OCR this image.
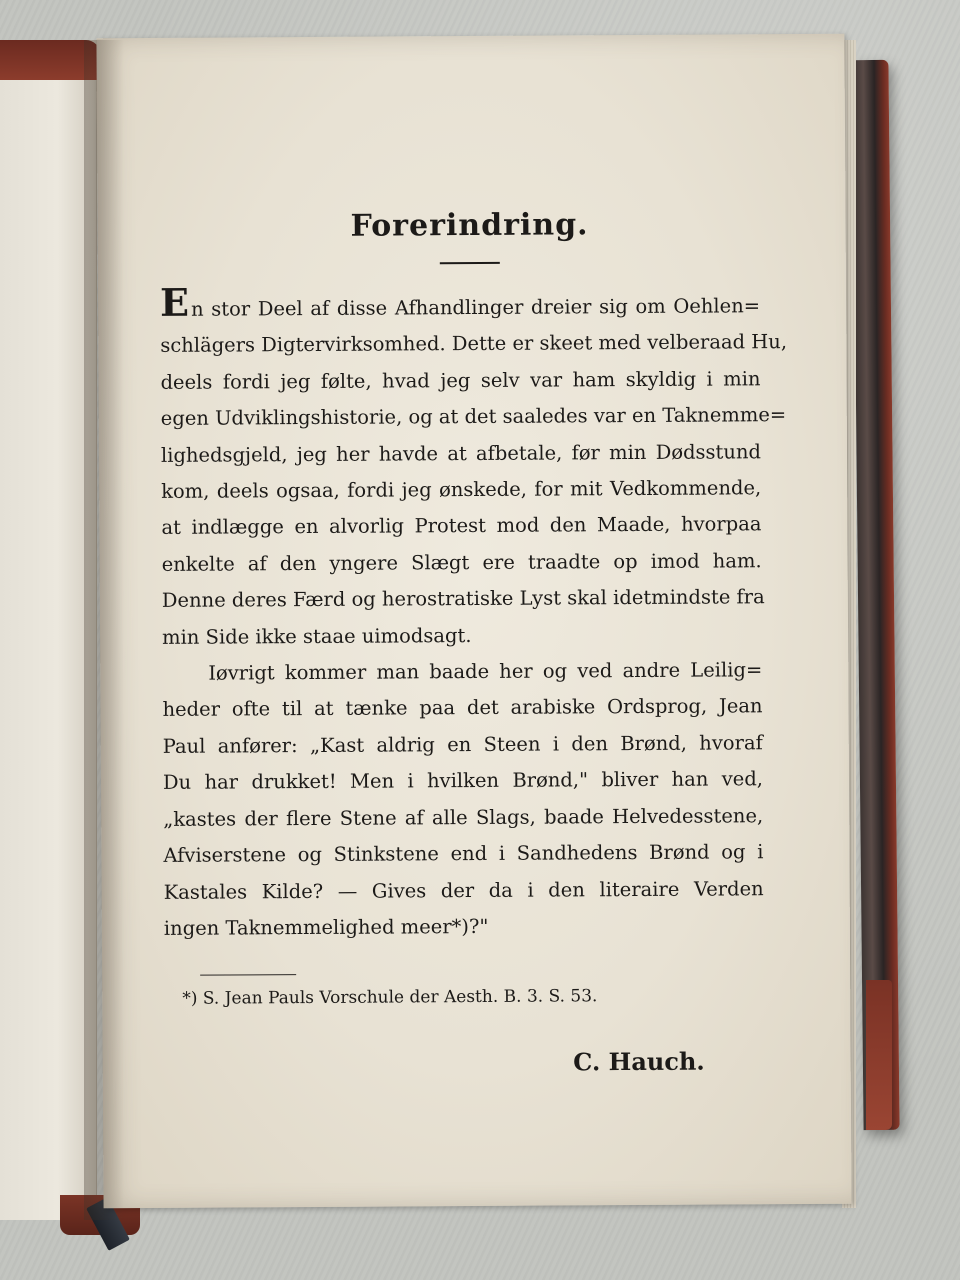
Forerindring.
En stor Deel af disse Afhandlinger dreier sig om Oehlen=
schlägers Digtervirksomhed. Dette er skeet med velberaad Hu,
deels fordi jeg følte, hvad jeg selv var ham skyldig i min
egen Udviklingshistorie, og at det saaledes var en Taknemme=
lighedsgjeld, jeg her havde at afbetale, før min Dødsstund
kom, deels ogsaa, fordi jeg ønskede, for mit Vedkommende,
at indlægge en alvorlig Protest mod den Maade, hvorpaa
enkelte af den yngere Slægt ere traadte op imod ham.
Denne deres Færd og herostratiske Lyst skal idetmindste fra
min Side ikke staae uimodsagt.
Iøvrigt kommer man baade her og ved andre Leilig=
heder ofte til at tænke paa det arabiske Ordsprog, Jean
Paul anfører: „Kast aldrig en Steen i den Brønd, hvoraf
Du har drukket! Men i hvilken Brønd," bliver han ved,
„kastes der flere Stene af alle Slags, baade Helvedesstene,
Afviserstene og Stinkstene end i Sandhedens Brønd og i
Kastales Kilde? — Gives der da i den literaire Verden
ingen Taknemmelighed meer*)?"
*) S. Jean Pauls Vorschule der Aesth. B. 3. S. 53.
C. Hauch.
